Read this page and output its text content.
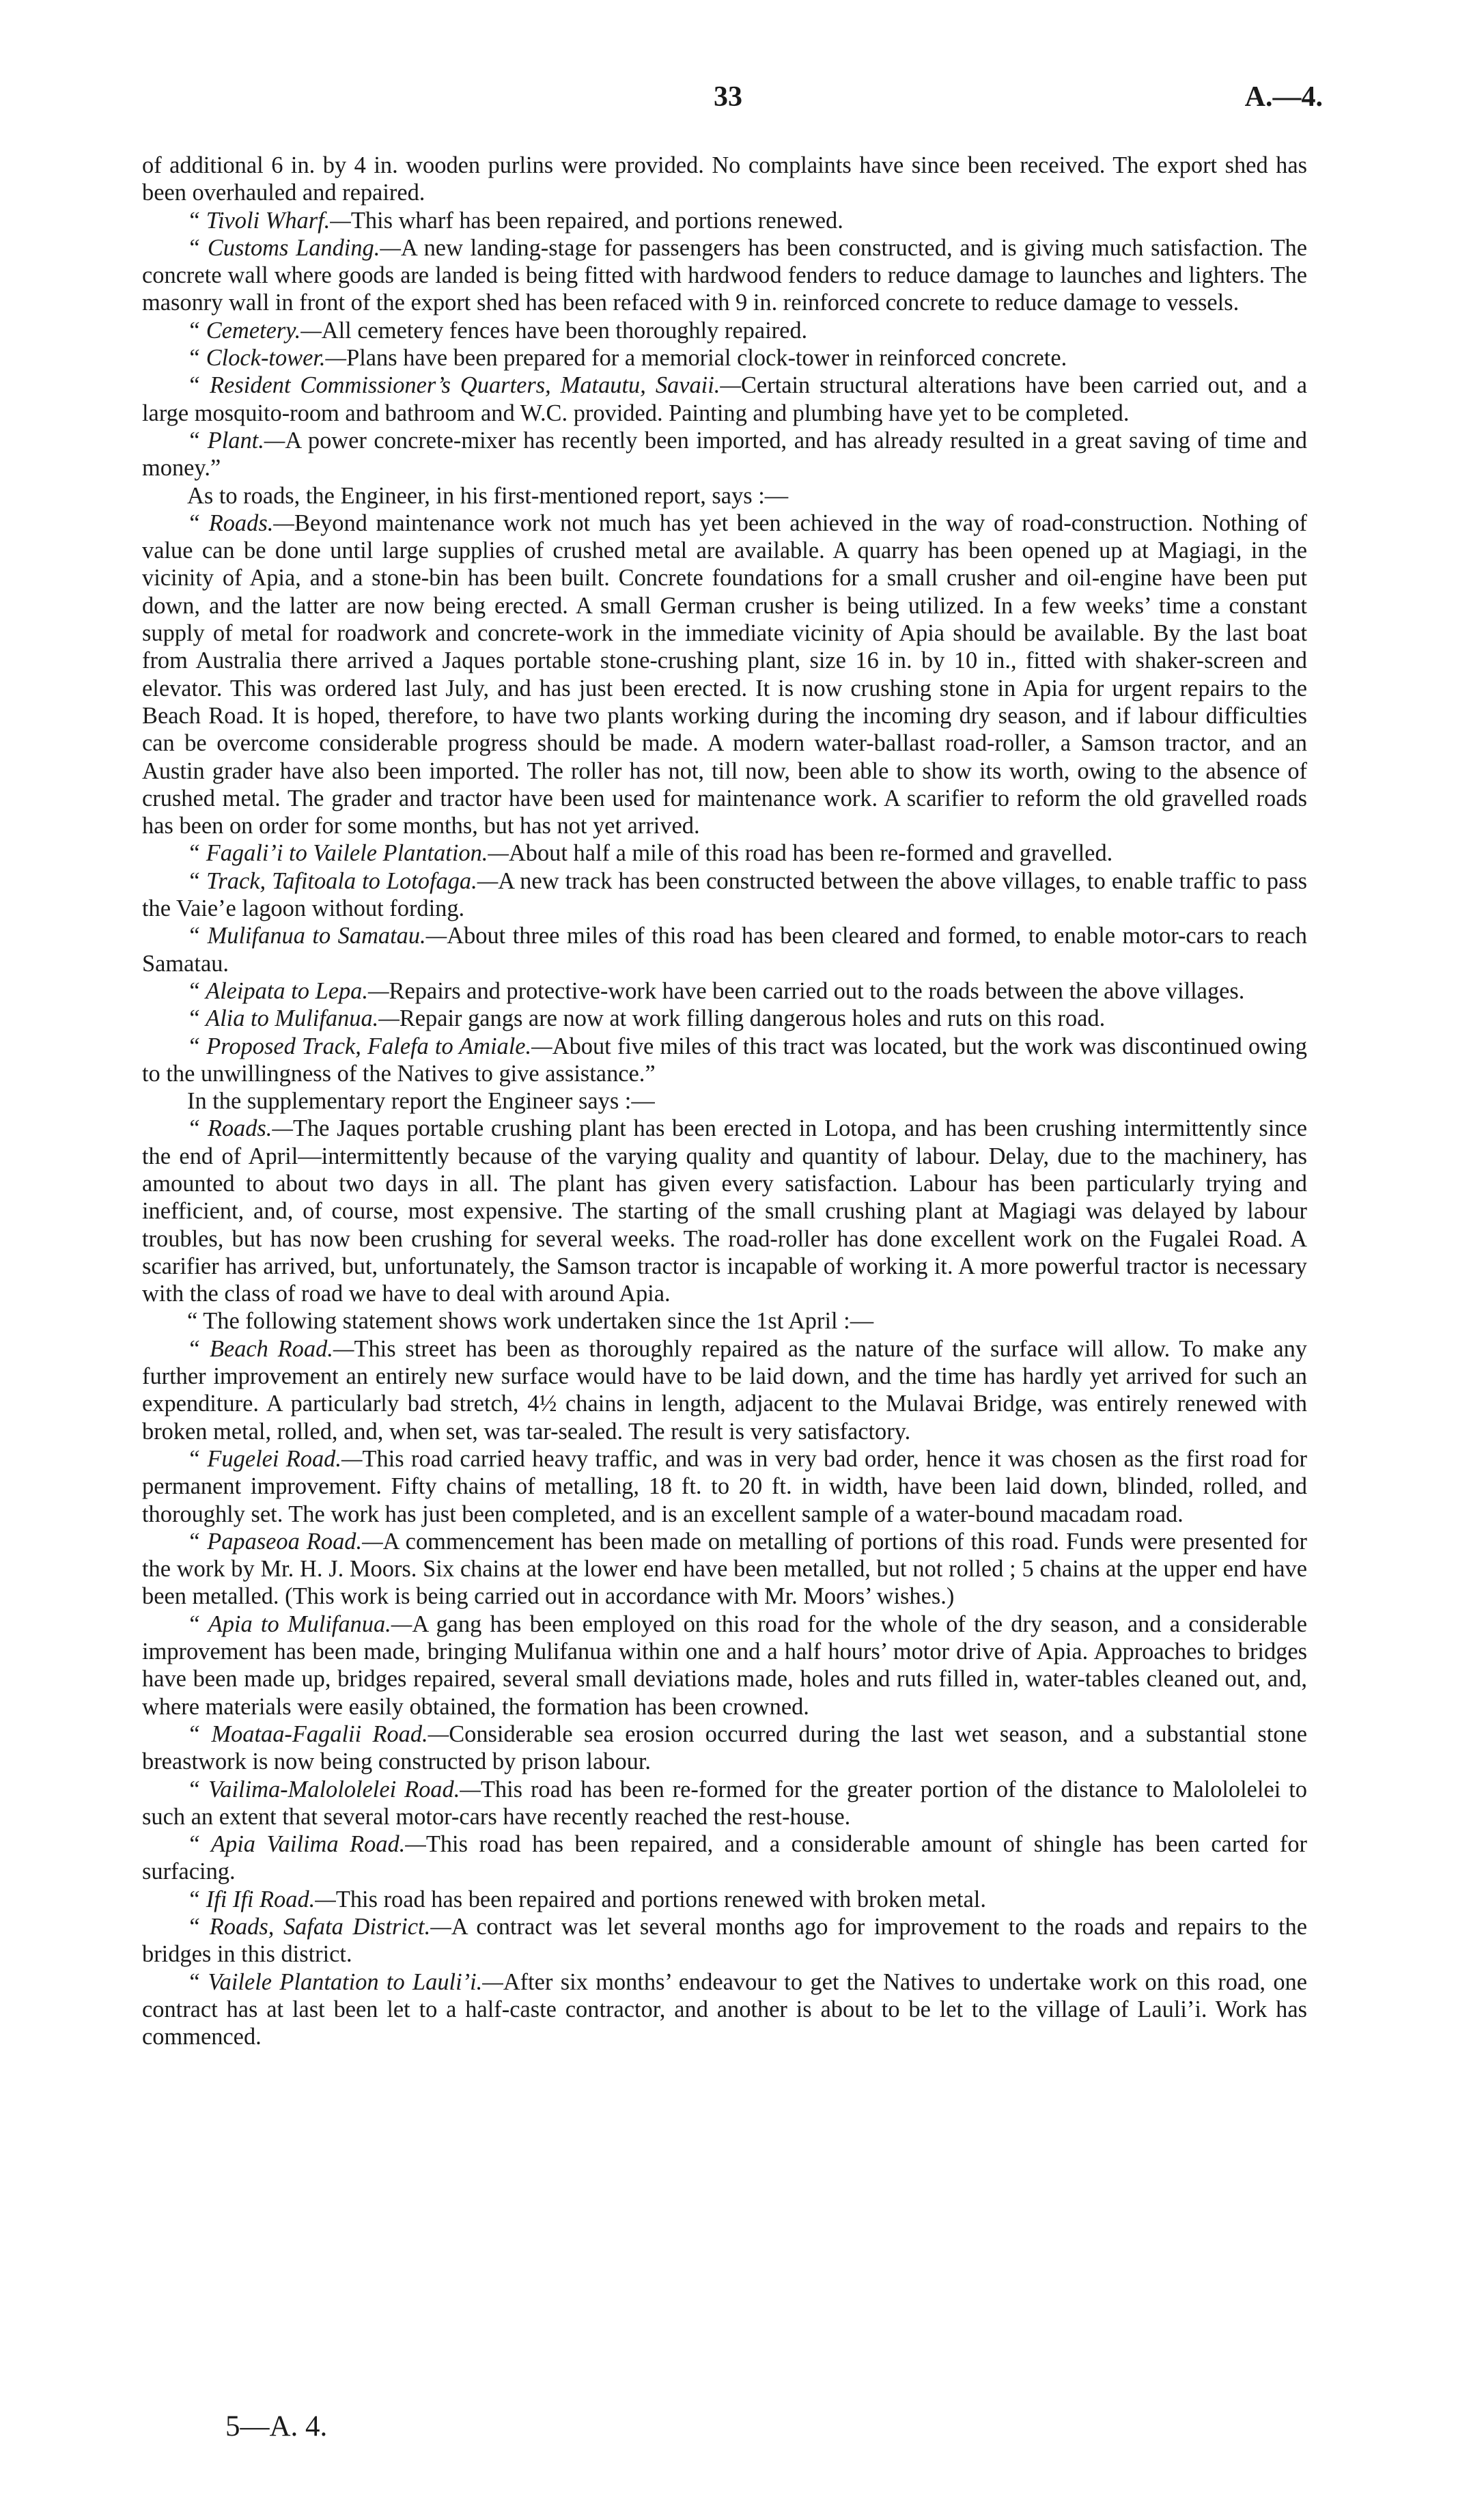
33	A.—4.

of additional 6 in. by 4 in. wooden purlins were provided. No complaints have since been received. The export shed has been overhauled and repaired.

“ Tivoli Wharf.—This wharf has been repaired, and portions renewed.

“ Customs Landing.—A new landing-stage for passengers has been constructed, and is giving much satisfaction. The concrete wall where goods are landed is being fitted with hardwood fenders to reduce damage to launches and lighters. The masonry wall in front of the export shed has been refaced with 9 in. reinforced concrete to reduce damage to vessels.

“ Cemetery.—All cemetery fences have been thoroughly repaired.

“ Clock-tower.—Plans have been prepared for a memorial clock-tower in reinforced concrete.

“ Resident Commissioner’s Quarters, Matautu, Savaii.—Certain structural alterations have been carried out, and a large mosquito-room and bathroom and W.C. provided. Painting and plumbing have yet to be completed.

“ Plant.—A power concrete-mixer has recently been imported, and has already resulted in a great saving of time and money.”

As to roads, the Engineer, in his first-mentioned report, says :—

“ Roads.—Beyond maintenance work not much has yet been achieved in the way of road-construction. Nothing of value can be done until large supplies of crushed metal are available. A quarry has been opened up at Magiagi, in the vicinity of Apia, and a stone-bin has been built. Concrete foundations for a small crusher and oil-engine have been put down, and the latter are now being erected. A small German crusher is being utilized. In a few weeks’ time a constant supply of metal for roadwork and concrete-work in the immediate vicinity of Apia should be available. By the last boat from Australia there arrived a Jaques portable stone-crushing plant, size 16 in. by 10 in., fitted with shaker-screen and elevator. This was ordered last July, and has just been erected. It is now crushing stone in Apia for urgent repairs to the Beach Road. It is hoped, therefore, to have two plants working during the incoming dry season, and if labour difficulties can be overcome considerable progress should be made. A modern water-ballast road-roller, a Samson tractor, and an Austin grader have also been imported. The roller has not, till now, been able to show its worth, owing to the absence of crushed metal. The grader and tractor have been used for maintenance work. A scarifier to reform the old gravelled roads has been on order for some months, but has not yet arrived.

“ Fagali’i to Vailele Plantation.—About half a mile of this road has been re-formed and gravelled.

“ Track, Tafitoala to Lotofaga.—A new track has been constructed between the above villages, to enable traffic to pass the Vaie’e lagoon without fording.

“ Mulifanua to Samatau.—About three miles of this road has been cleared and formed, to enable motor-cars to reach Samatau.

“ Aleipata to Lepa.—Repairs and protective-work have been carried out to the roads between the above villages.

“ Alia to Mulifanua.—Repair gangs are now at work filling dangerous holes and ruts on this road.

“ Proposed Track, Falefa to Amiale.—About five miles of this tract was located, but the work was discontinued owing to the unwillingness of the Natives to give assistance.”

In the supplementary report the Engineer says :—

“ Roads.—The Jaques portable crushing plant has been erected in Lotopa, and has been crushing intermittently since the end of April—intermittently because of the varying quality and quantity of labour. Delay, due to the machinery, has amounted to about two days in all. The plant has given every satisfaction. Labour has been particularly trying and inefficient, and, of course, most expensive. The starting of the small crushing plant at Magiagi was delayed by labour troubles, but has now been crushing for several weeks. The road-roller has done excellent work on the Fugalei Road. A scarifier has arrived, but, unfortunately, the Samson tractor is incapable of working it. A more powerful tractor is necessary with the class of road we have to deal with around Apia.

“ The following statement shows work undertaken since the 1st April :—

“ Beach Road.—This street has been as thoroughly repaired as the nature of the surface will allow. To make any further improvement an entirely new surface would have to be laid down, and the time has hardly yet arrived for such an expenditure. A particularly bad stretch, 4½ chains in length, adjacent to the Mulavai Bridge, was entirely renewed with broken metal, rolled, and, when set, was tar-sealed. The result is very satisfactory.

“ Fugelei Road.—This road carried heavy traffic, and was in very bad order, hence it was chosen as the first road for permanent improvement. Fifty chains of metalling, 18 ft. to 20 ft. in width, have been laid down, blinded, rolled, and thoroughly set. The work has just been completed, and is an excellent sample of a water-bound macadam road.

“ Papaseoa Road.—A commencement has been made on metalling of portions of this road. Funds were presented for the work by Mr. H. J. Moors. Six chains at the lower end have been metalled, but not rolled ; 5 chains at the upper end have been metalled. (This work is being carried out in accordance with Mr. Moors’ wishes.)

“ Apia to Mulifanua.—A gang has been employed on this road for the whole of the dry season, and a considerable improvement has been made, bringing Mulifanua within one and a half hours’ motor drive of Apia. Approaches to bridges have been made up, bridges repaired, several small deviations made, holes and ruts filled in, water-tables cleaned out, and, where materials were easily obtained, the formation has been crowned.

“ Moataa-Fagalii Road.—Considerable sea erosion occurred during the last wet season, and a substantial stone breastwork is now being constructed by prison labour.

“ Vailima-Malololelei Road.—This road has been re-formed for the greater portion of the distance to Malololelei to such an extent that several motor-cars have recently reached the rest-house.

“ Apia Vailima Road.—This road has been repaired, and a considerable amount of shingle has been carted for surfacing.

“ Ifi Ifi Road.—This road has been repaired and portions renewed with broken metal.

“ Roads, Safata District.—A contract was let several months ago for improvement to the roads and repairs to the bridges in this district.

“ Vailele Plantation to Lauli’i.—After six months’ endeavour to get the Natives to undertake work on this road, one contract has at last been let to a half-caste contractor, and another is about to be let to the village of Lauli’i. Work has commenced.

5—A. 4.
